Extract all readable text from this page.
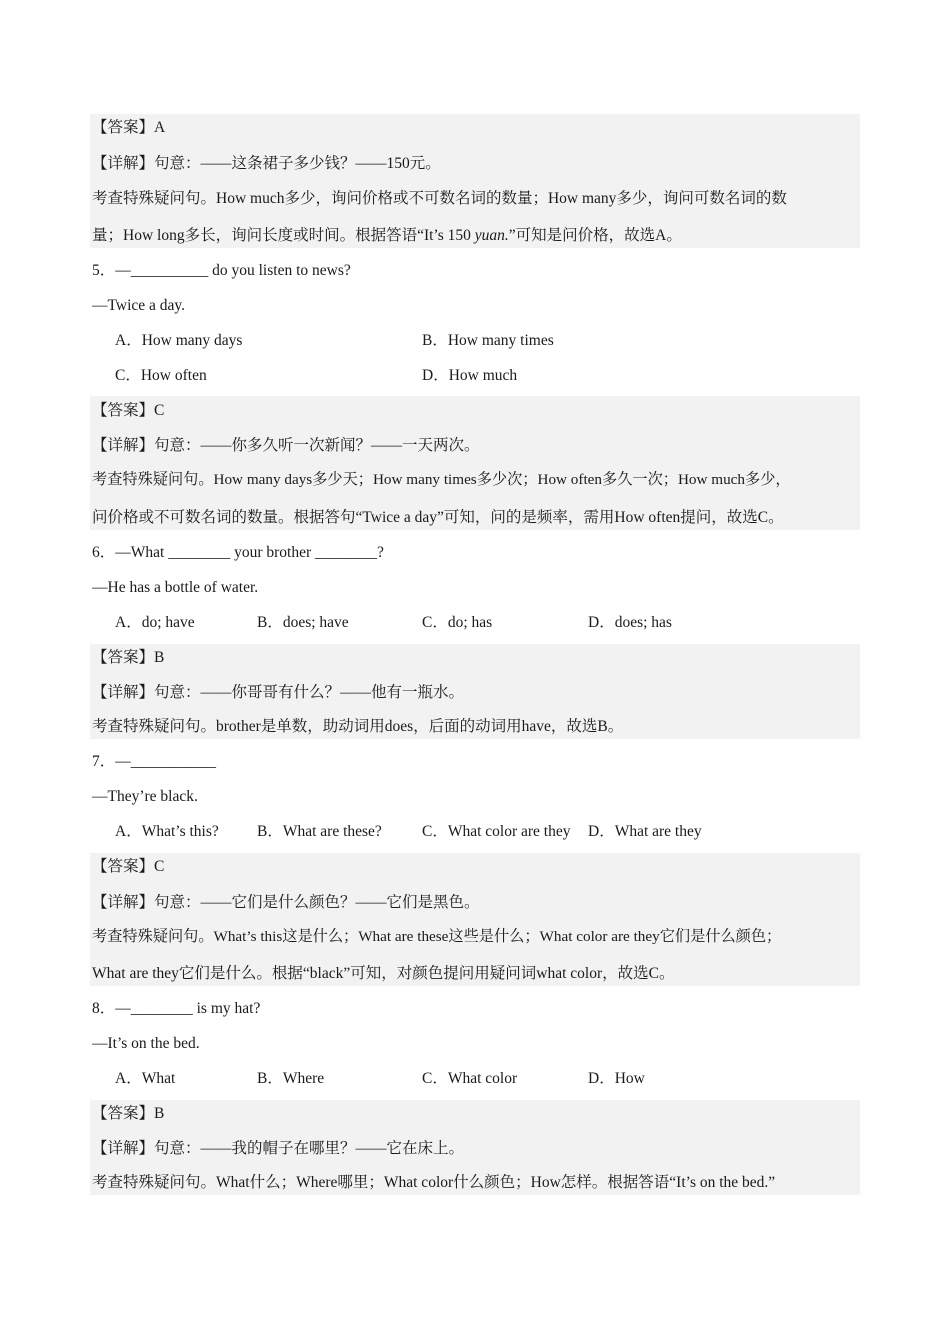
【答案】A
【详解】句意：——这条裙子多少钱？——150元。
考查特殊疑问句。How much多少，询问价格或不可数名词的数量；How many多少，询问可数名词的数
量；How long多长，询问长度或时间。根据答语“It’s 150 yuan.”可知是问价格，故选A。
5．—__________ do you listen to news?
—Twice a day.
A．How many days	B．How many times
C．How often	D．How much
【答案】C
【详解】句意：——你多久听一次新闻？——一天两次。
考查特殊疑问句。How many days多少天；How many times多少次；How often多久一次；How much多少，
问价格或不可数名词的数量。根据答句“Twice a day”可知，问的是频率，需用How often提问，故选C。
6．—What ________ your brother ________?
—He has a bottle of water.
A．do; have	B．does; have	C．do; has	D．does; has
【答案】B
【详解】句意：——你哥哥有什么？——他有一瓶水。
考查特殊疑问句。brother是单数，助动词用does，后面的动词用have，故选B。
7．—___________
—They’re black.
A．What’s this? B．What are these?	C．What color are they D．What are they
【答案】C
【详解】句意：——它们是什么颜色？——它们是黑色。
考查特殊疑问句。What’s this这是什么；What are these这些是什么；What color are they它们是什么颜色；
What are they它们是什么。根据“black”可知，对颜色提问用疑问词what color，故选C。
8．—________ is my hat?
—It’s on the bed.
A．What	B．Where	C．What color	D．How
【答案】B
【详解】句意：——我的帽子在哪里？——它在床上。
考查特殊疑问句。What什么；Where哪里；What color什么颜色；How怎样。根据答语“It’s on the bed.”
